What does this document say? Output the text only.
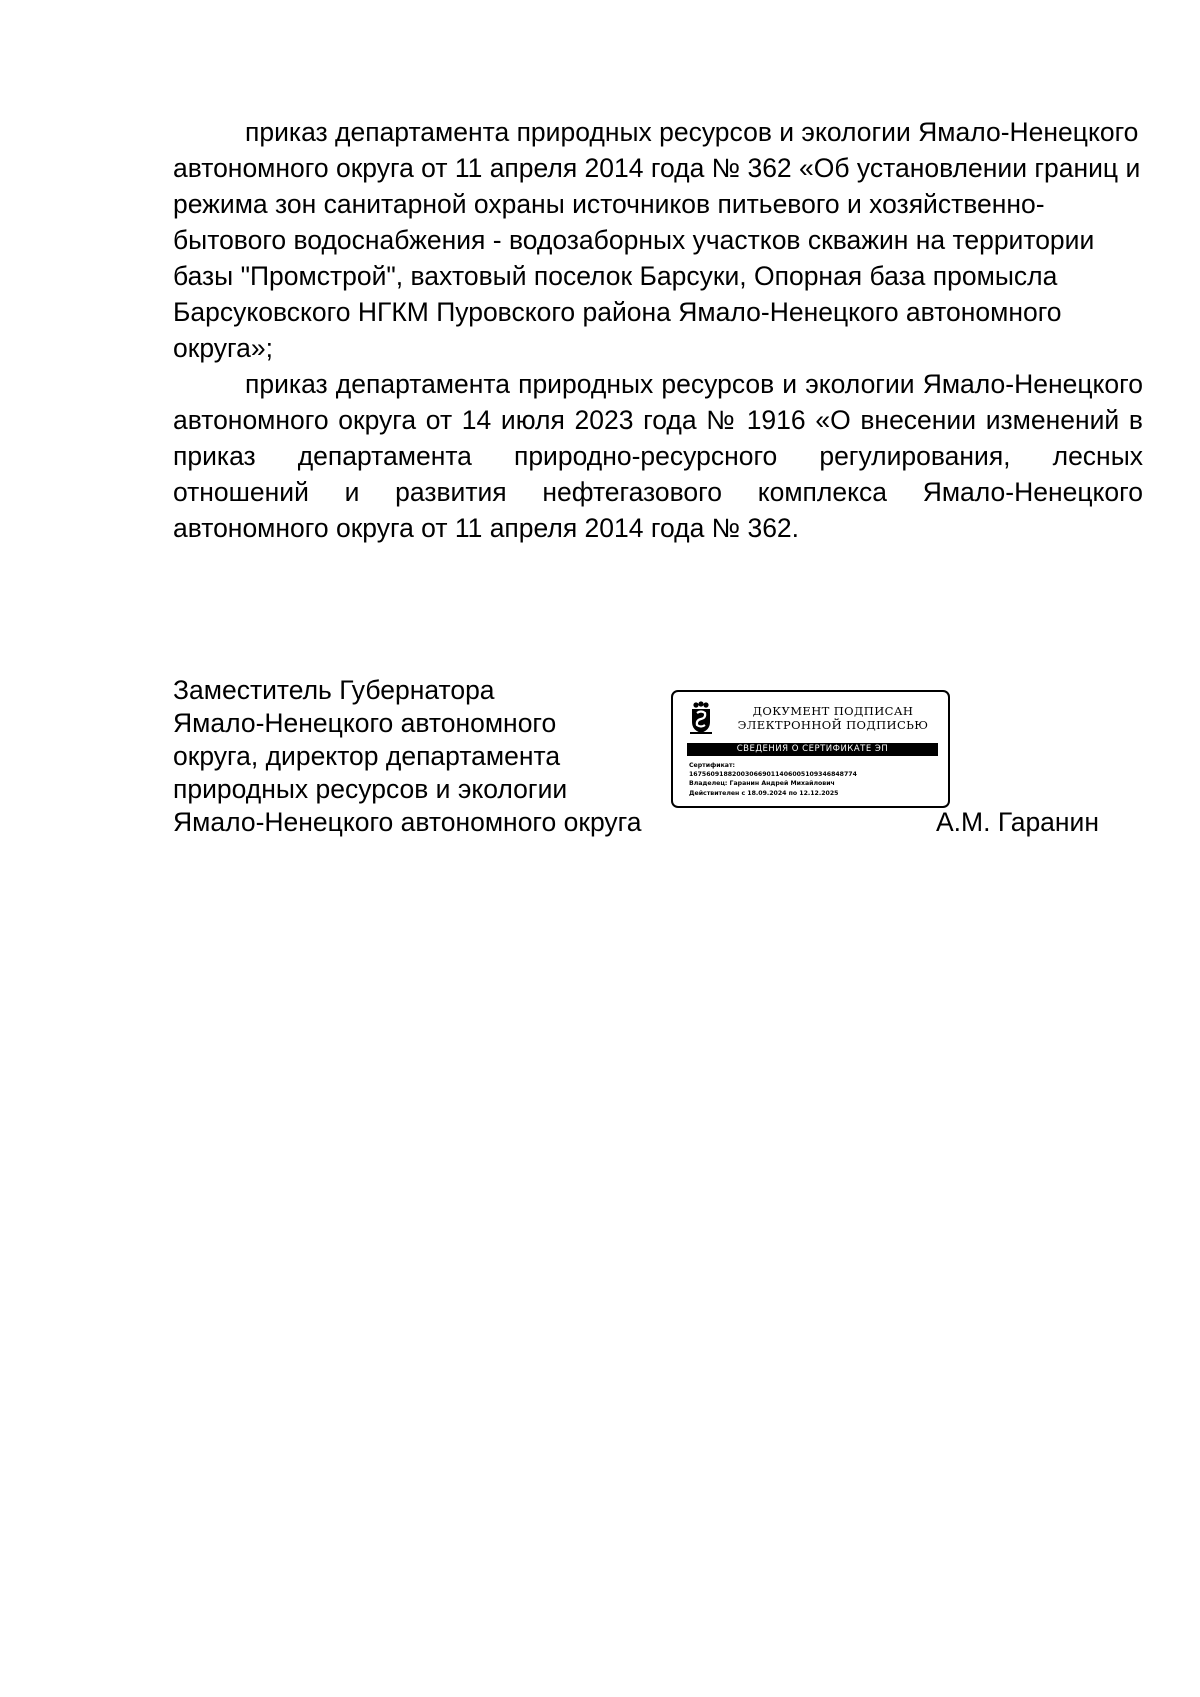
приказ департамента природных ресурсов и экологии Ямало-Ненецкого автономного округа от 11 апреля 2014 года № 362 «Об установлении границ и режима зон санитарной охраны источников питьевого и хозяйственно-бытового водоснабжения - водозаборных участков скважин на территории базы "Промстрой", вахтовый поселок Барсуки, Опорная база промысла Барсуковского НГКМ Пуровского района Ямало-Ненецкого автономного округа»;

приказ департамента природных ресурсов и экологии Ямало-Ненецкого автономного округа от 14 июля 2023 года № 1916 «О внесении изменений в приказ департамента природно-ресурсного регулирования, лесных отношений и развития нефтегазового комплекса Ямало-Ненецкого автономного округа от 11 апреля 2014 года № 362.

Заместитель Губернатора
Ямало-Ненецкого автономного
округа, директор департамента
природных ресурсов и экологии
Ямало-Ненецкого автономного округа
ДОКУМЕНТ ПОДПИСАН
ЭЛЕКТРОННОЙ ПОДПИСЬЮ
СВЕДЕНИЯ О СЕРТИФИКАТЕ ЭП
Сертификат:
167560918820030669011406005109346848774
Владелец: Гаранин Андрей Михайлович
Действителен с 18.09.2024 по 12.12.2025
А.М. Гаранин
